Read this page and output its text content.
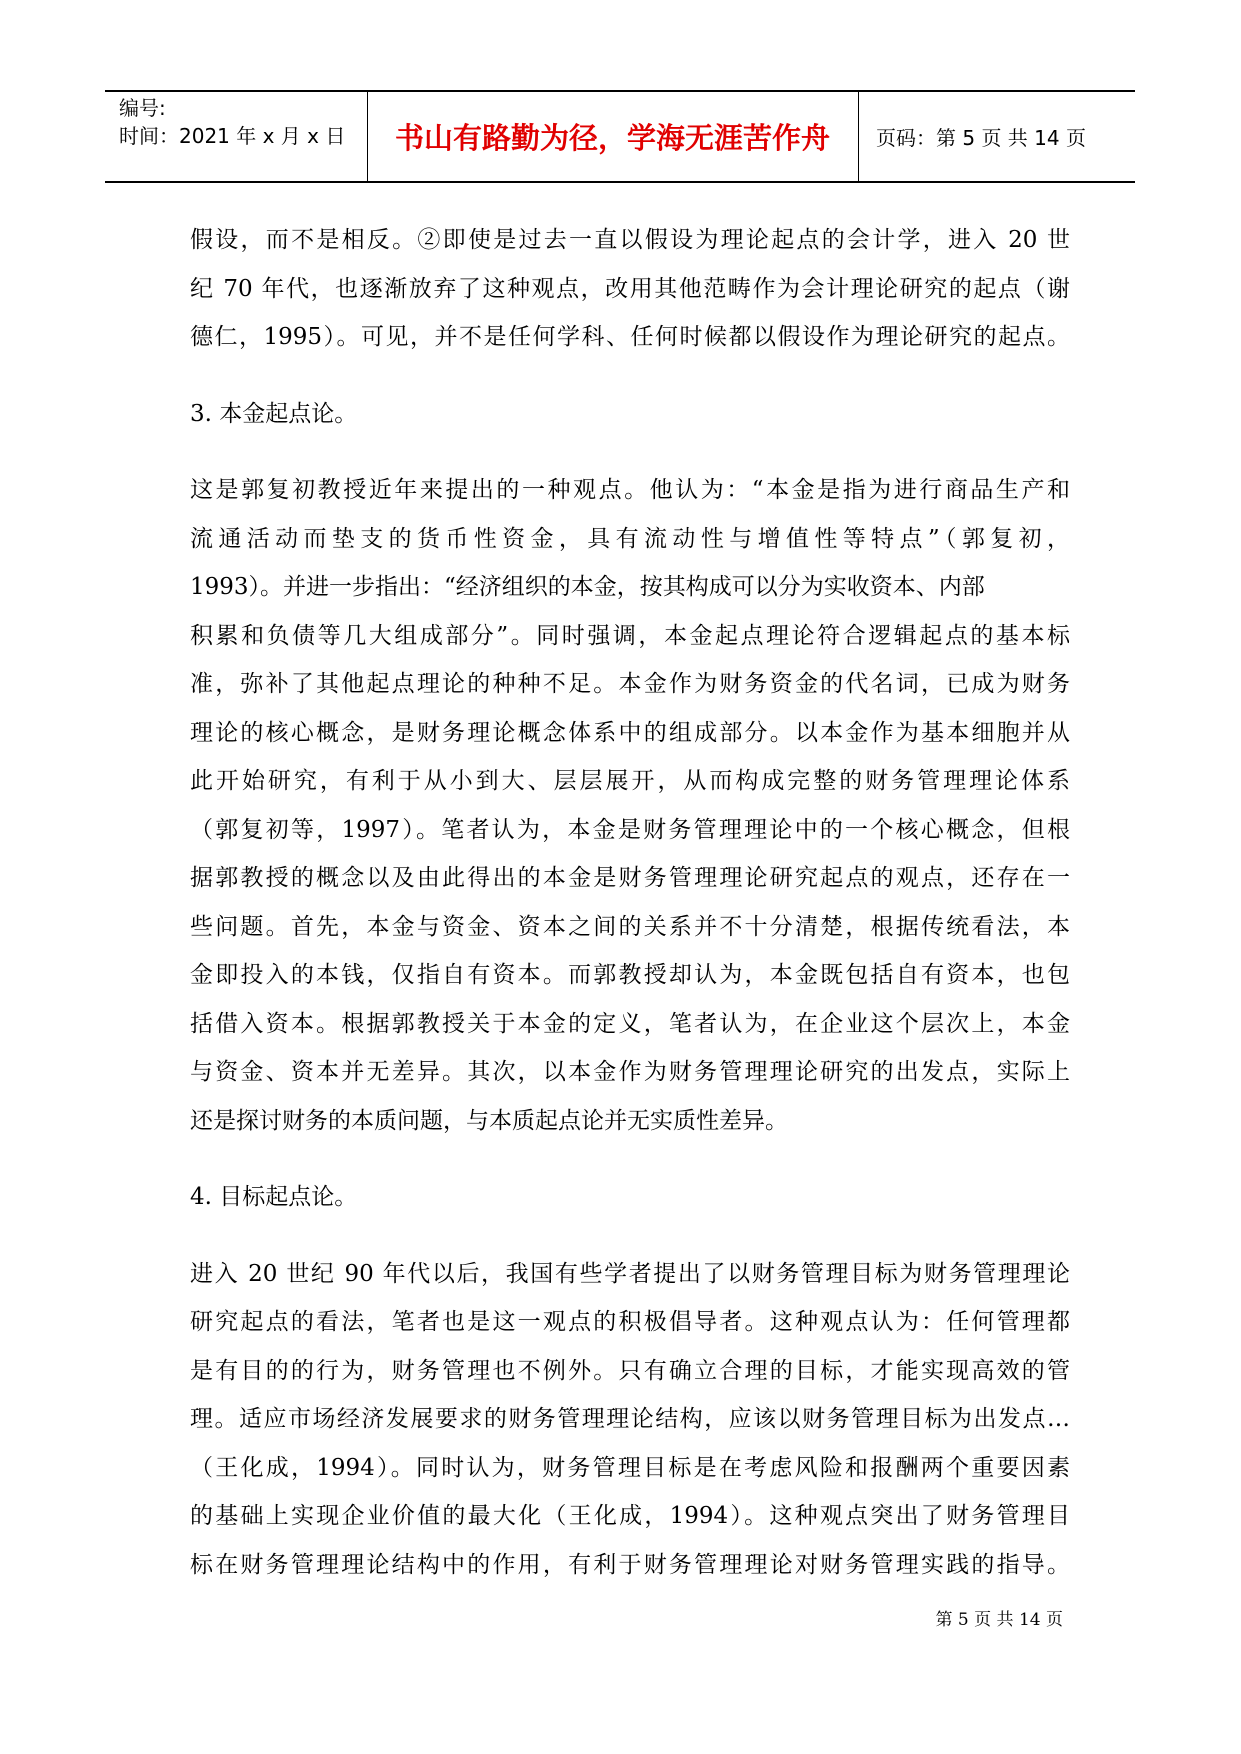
编号:
时间：2021 年 x 月 x 日	书山有路勤为径，学海无涯苦作舟	页码：第 5 页 共 14 页
假设，而不是相反。②即使是过去一直以假设为理论起点的会计学，进入 20 世
纪 70 年代，也逐渐放弃了这种观点，改用其他范畴作为会计理论研究的起点（谢
德仁，1995）。可见，并不是任何学科、任何时候都以假设作为理论研究的起点。
3. 本金起点论。
这是郭复初教授近年来提出的一种观点。他认为：“本金是指为进行商品生产和
流通活动而垫支的货币性资金，具有流动性与增值性等特点”（郭复初，
1993）。并进一步指出：“经济组织的本金，按其构成可以分为实收资本、内部
积累和负债等几大组成部分”。同时强调，本金起点理论符合逻辑起点的基本标
准，弥补了其他起点理论的种种不足。本金作为财务资金的代名词，已成为财务
理论的核心概念，是财务理论概念体系中的组成部分。以本金作为基本细胞并从
此开始研究，有利于从小到大、层层展开，从而构成完整的财务管理理论体系
（郭复初等，1997）。笔者认为，本金是财务管理理论中的一个核心概念，但根
据郭教授的概念以及由此得出的本金是财务管理理论研究起点的观点，还存在一
些问题。首先，本金与资金、资本之间的关系并不十分清楚，根据传统看法，本
金即投入的本钱，仅指自有资本。而郭教授却认为，本金既包括自有资本，也包
括借入资本。根据郭教授关于本金的定义，笔者认为，在企业这个层次上，本金
与资金、资本并无差异。其次，以本金作为财务管理理论研究的出发点，实际上
还是探讨财务的本质问题，与本质起点论并无实质性差异。
4. 目标起点论。
进入 20 世纪 90 年代以后，我国有些学者提出了以财务管理目标为财务管理理论
研究起点的看法，笔者也是这一观点的积极倡导者。这种观点认为：任何管理都
是有目的的行为，财务管理也不例外。只有确立合理的目标，才能实现高效的管
理。适应市场经济发展要求的财务管理理论结构，应该以财务管理目标为出发点…
（王化成，1994）。同时认为，财务管理目标是在考虑风险和报酬两个重要因素
的基础上实现企业价值的最大化（王化成，1994）。这种观点突出了财务管理目
标在财务管理理论结构中的作用，有利于财务管理理论对财务管理实践的指导。
第 5 页 共 14 页
